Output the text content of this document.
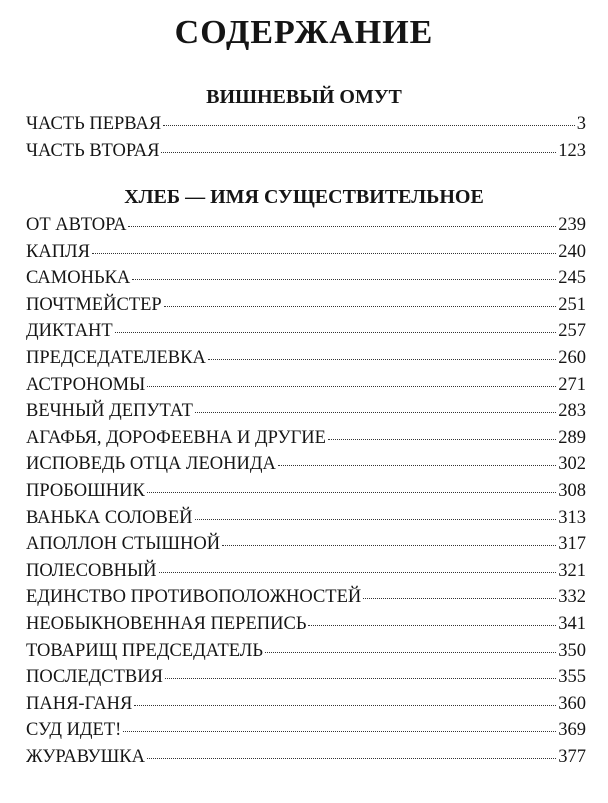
СОДЕРЖАНИЕ
ВИШНЕВЫЙ ОМУТ
ЧАСТЬ ПЕРВАЯ	3
ЧАСТЬ ВТОРАЯ	123
ХЛЕБ — ИМЯ СУЩЕСТВИТЕЛЬНОЕ
ОТ АВТОРА	239
КАПЛЯ	240
САМОНЬКА	245
ПОЧТМЕЙСТЕР	251
ДИКТАНТ	257
ПРЕДСЕДАТЕЛЕВКА	260
АСТРОНОМЫ	271
ВЕЧНЫЙ ДЕПУТАТ	283
АГАФЬЯ, ДОРОФЕЕВНА И ДРУГИЕ	289
ИСПОВЕДЬ ОТЦА ЛЕОНИДА	302
ПРОБОШНИК	308
ВАНЬКА СОЛОВЕЙ	313
АПОЛЛОН СТЫШНОЙ	317
ПОЛЕСОВНЫЙ	321
ЕДИНСТВО ПРОТИВОПОЛОЖНОСТЕЙ	332
НЕОБЫКНОВЕННАЯ ПЕРЕПИСЬ	341
ТОВАРИЩ ПРЕДСЕДАТЕЛЬ	350
ПОСЛЕДСТВИЯ	355
ПАНЯ-ГАНЯ	360
СУД ИДЕТ!	369
ЖУРАВУШКА	377
